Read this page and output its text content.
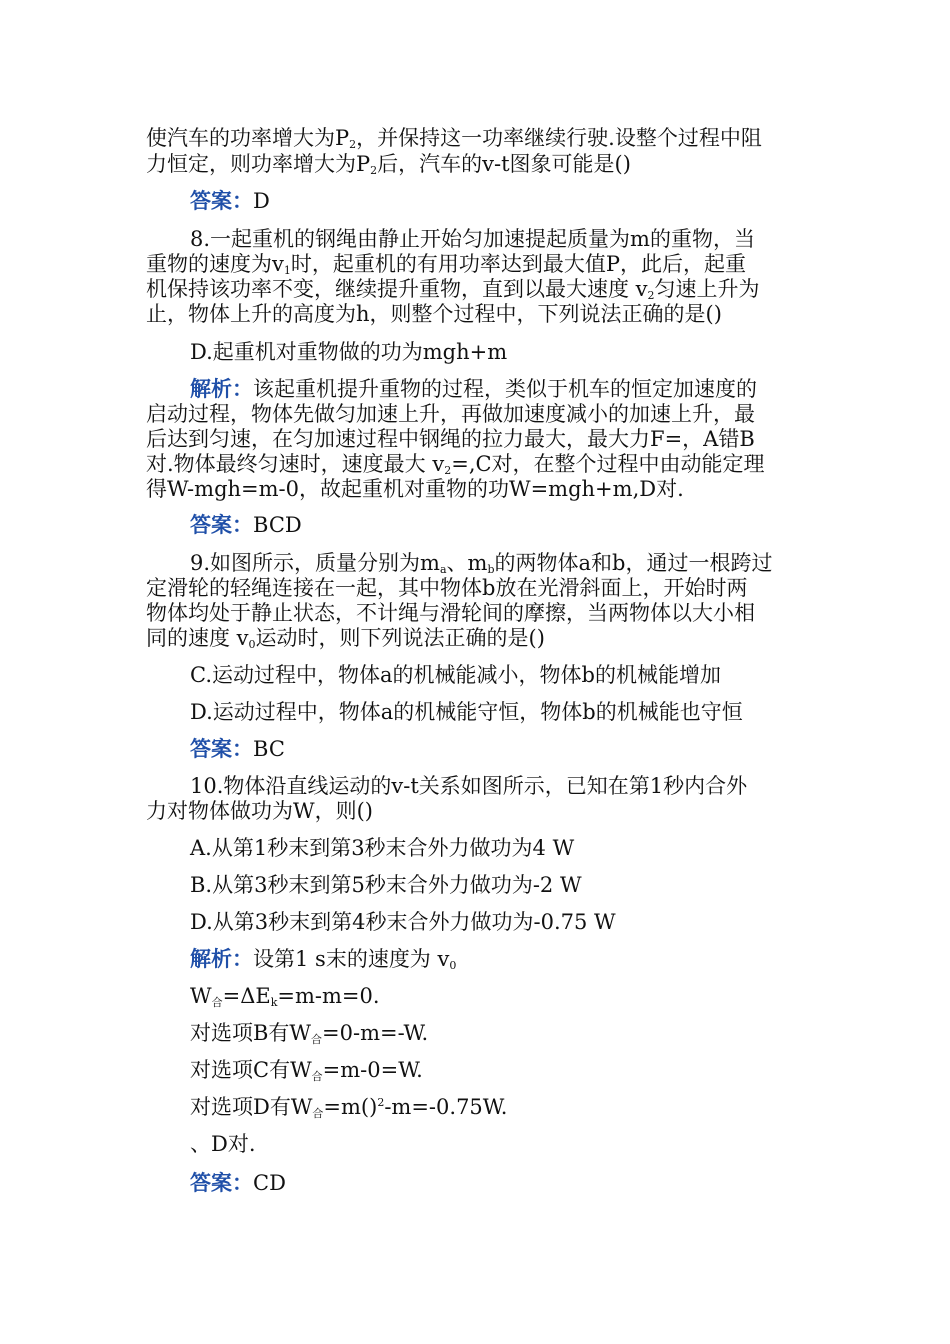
使汽车的功率增大为$P_2$，并保持这一功率继续行驶.设整个过程中阻
力恒定，则功率增大为$P_2$后，汽车的v-t图象可能是()
答案：D
8.一起重机的钢绳由静止开始匀加速提起质量为m的重物，当
重物的速度为$v_1$时，起重机的有用功率达到最大值P，此后，起重
机保持该功率不变，继续提升重物，直到以最大速度 $v_2$匀速上升为
止，物体上升的高度为h，则整个过程中，下列说法正确的是()
D.起重机对重物做的功为mgh+m
解析：该起重机提升重物的过程，类似于机车的恒定加速度的
启动过程，物体先做匀加速上升，再做加速度减小的加速上升，最
后达到匀速，在匀加速过程中钢绳的拉力最大，最大力F=，A错B
对.物体最终匀速时，速度最大 $v_2=,C$对，在整个过程中由动能定理
得W-mgh=m-0，故起重机对重物的功W=mgh+m,D对.
答案：BCD
9.如图所示，质量分别为$m_a$、$m_b$的两物体a和b，通过一根跨过
定滑轮的轻绳连接在一起，其中物体b放在光滑斜面上，开始时两
物体均处于静止状态，不计绳与滑轮间的摩擦，当两物体以大小相
同的速度 $v_0$运动时，则下列说法正确的是()
C.运动过程中，物体a的机械能减小，物体b的机械能增加
D.运动过程中，物体a的机械能守恒，物体b的机械能也守恒
答案：BC
10.物体沿直线运动的v-t关系如图所示，已知在第1秒内合外
力对物体做功为W，则()
A.从第1秒末到第3秒末合外力做功为4 W
B.从第3秒末到第5秒末合外力做功为-2 W
D.从第3秒末到第4秒末合外力做功为-0.75 W
解析：设第1 s末的速度为 $v_0$
$W_合=\Delta E_k=m-m=0$.
对选项B有$W_合=0-m=-W$.
对选项C有$W_合=m-0=W$.
对选项D有$W_合=m()^2-m=-0.75W$.
、D对.
答案：CD
